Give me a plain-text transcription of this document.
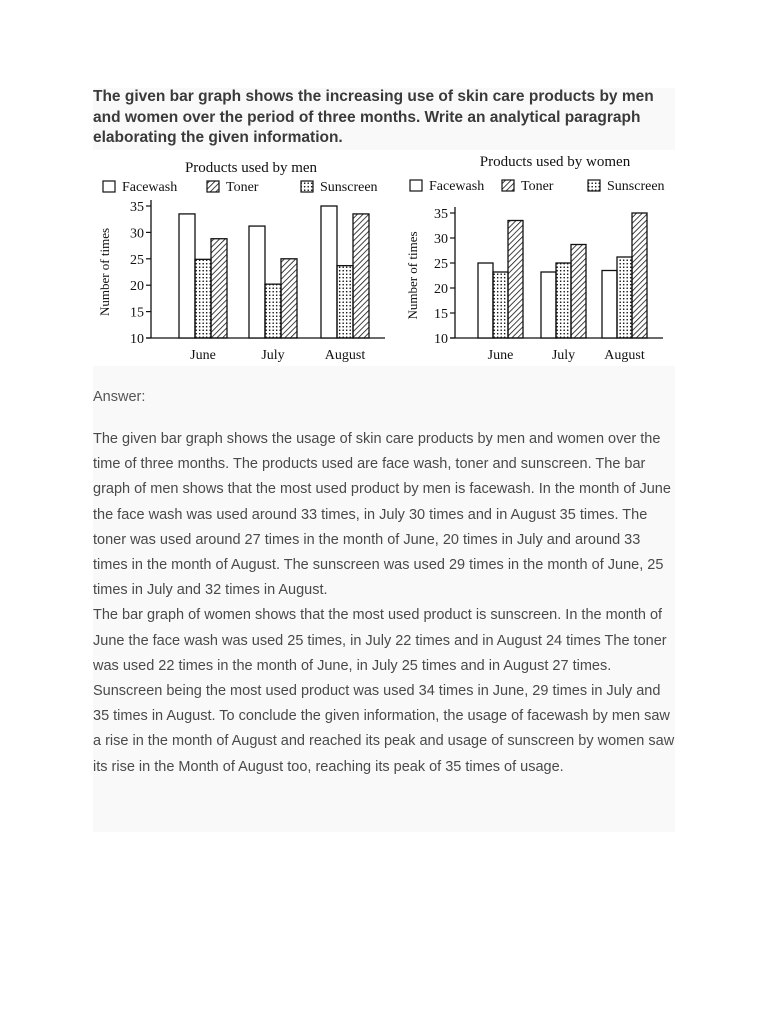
The given bar graph shows the increasing use of skin care products by men and women over the period of three months. Write an analytical paragraph elaborating the given information.
Products used by men
Facewash	Toner	Sunscreen
Number of times
10
15
20
25
30
35
June	July	August
Products used by women
Facewash	Toner	Sunscreen
Number of times
10
15
20
25
30
35
June	July August
Answer:

The given bar graph shows the usage of skin care products by men and women over the time of three months. The products used are face wash, toner and sunscreen. The bar graph of men shows that the most used product by men is facewash. In the month of June the face wash was used around 33 times, in July 30 times and in August 35 times. The toner was used around 27 times in the month of June, 20 times in July and around 33 times in the month of August. The sunscreen was used 29 times in the month of June, 25 times in July and 32 times in August.

The bar graph of women shows that the most used product is sunscreen. In the month of June the face wash was used 25 times, in July 22 times and in August 24 times The toner was used 22 times in the month of June, in July 25 times and in August 27 times. Sunscreen being the most used product was used 34 times in June, 29 times in July and 35 times in August. To conclude the given information, the usage of facewash by men saw a rise in the month of August and reached its peak and usage of sunscreen by women saw its rise in the Month of August too, reaching its peak of 35 times of usage.
